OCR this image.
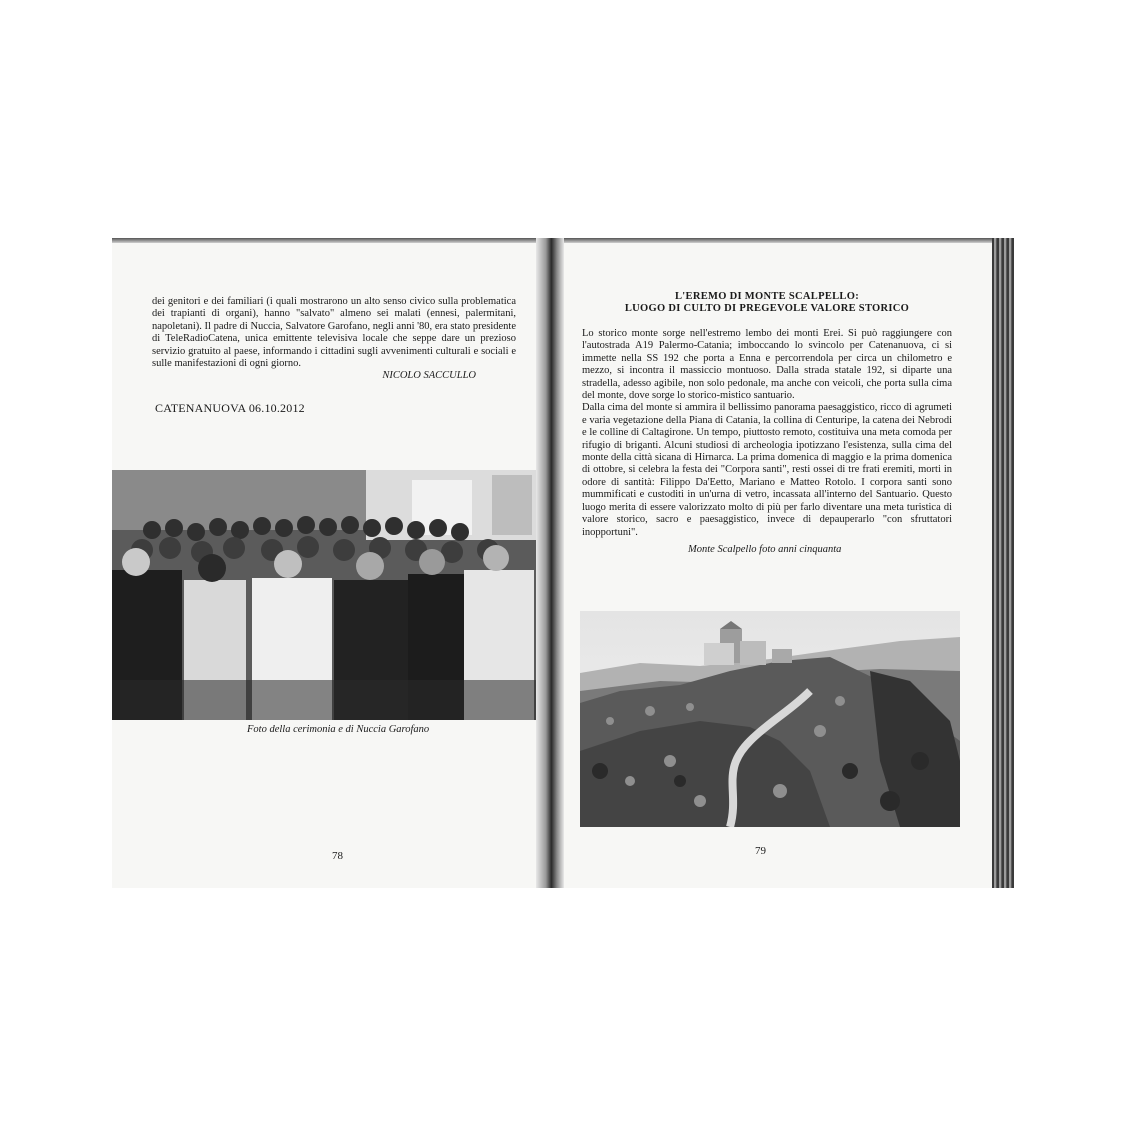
dei genitori e dei familiari (i quali mostrarono un alto senso civico sulla problematica dei trapianti di organi), hanno "salvato" almeno sei malati (ennesi, palermitani, napoletani). Il padre di Nuccia, Salvatore Garofano, negli anni '80, era stato presidente di TeleRadioCatena, unica emittente televisiva locale che seppe dare un prezioso servizio gratuito al paese, informando i cittadini sugli avvenimenti culturali e sociali e sulle manifestazioni di ogni giorno.

NICOLO SACCULLO

CATENANUOVA 06.10.2012
Foto della cerimonia e di Nuccia Garofano
78
L'EREMO DI MONTE SCALPELLO:
LUOGO DI CULTO DI PREGEVOLE VALORE STORICO

Lo storico monte sorge nell'estremo lembo dei monti Erei. Si può raggiungere con l'autostrada A19 Palermo-Catania; imboccando lo svincolo per Catenanuova, ci si immette nella SS 192 che porta a Enna e percorrendola per circa un chilometro e mezzo, si incontra il massiccio montuoso. Dalla strada statale 192, si diparte una stradella, adesso agibile, non solo pedonale, ma anche con veicoli, che porta sulla cima del monte, dove sorge lo storico-mistico santuario.

Dalla cima del monte si ammira il bellissimo panorama paesaggistico, ricco di agrumeti e varia vegetazione della Piana di Catania, la collina di Centuripe, la catena dei Nebrodi e le colline di Caltagirone. Un tempo, piuttosto remoto, costituiva una meta comoda per rifugio di briganti. Alcuni studiosi di archeologia ipotizzano l'esistenza, sulla cima del monte della città sicana di Hirnarca. La prima domenica di maggio e la prima domenica di ottobre, si celebra la festa dei "Corpora santi", resti ossei di tre frati eremiti, morti in odore di santità: Filippo Da'Eetto, Mariano e Matteo Rotolo. I corpora santi sono mummificati e custoditi in un'urna di vetro, incassata all'interno del Santuario. Questo luogo merita di essere valorizzato molto di più per farlo diventare una meta turistica di valore storico, sacro e paesaggistico, invece di depauperarlo "con sfruttatori inopportuni".

Monte Scalpello foto anni cinquanta
79
